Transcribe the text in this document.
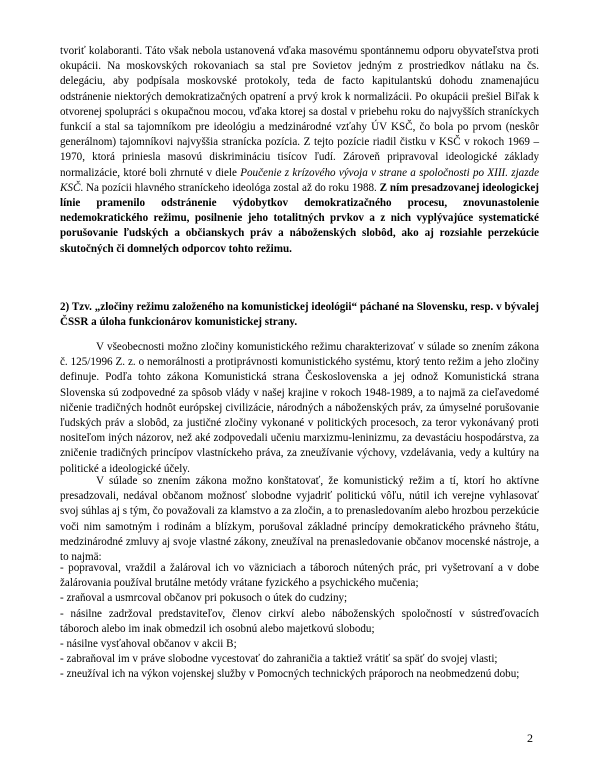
tvoriť kolaboranti. Táto však nebola ustanovená vďaka masovému spontánnemu odporu obyvateľstva proti okupácii. Na moskovských rokovaniach sa stal pre Sovietov jedným z prostriedkov nátlaku na čs. delegáciu, aby podpísala moskovské protokoly, teda de facto kapitulantskú dohodu znamenajúcu odstránenie niektorých demokratizačných opatrení a prvý krok k normalizácii. Po okupácii prešiel Biľak k otvorenej spolupráci s okupačnou mocou, vďaka ktorej sa dostal v priebehu roku do najvyšších straníckych funkcií a stal sa tajomníkom pre ideológiu a medzinárodné vzťahy ÚV KSČ, čo bola po prvom (neskôr generálnom) tajomníkovi najvyššia stranícka pozícia. Z tejto pozície riadil čistku v KSČ v rokoch 1969 – 1970, ktorá priniesla masovú diskrimináciu tisícov ľudí. Zároveň pripravoval ideologické základy normalizácie, ktoré boli zhrnuté v diele Poučenie z krízového vývoja v strane a spoločnosti po XIII. zjazde KSČ. Na pozícii hlavného straníckeho ideológa zostal až do roku 1988. Z ním presadzovanej ideologickej línie pramenilo odstránenie výdobytkov demokratizačného procesu, znovunastolenie nedemokratického režimu, posilnenie jeho totalitných prvkov a z nich vyplývajúce systematické porušovanie ľudských a občianskych práv a náboženských slobôd, ako aj rozsiahle perzekúcie skutočných či domnelých odporcov tohto režimu.

2) Tzv. „zločiny režimu založeného na komunistickej ideológii“ páchané na Slovensku, resp. v bývalej ČSSR a úloha funkcionárov komunistickej strany.

V všeobecnosti možno zločiny komunistického režimu charakterizovať v súlade so znením zákona č. 125/1996 Z. z. o nemorálnosti a protiprávnosti komunistického systému, ktorý tento režim a jeho zločiny definuje. Podľa tohto zákona Komunistická strana Československa a jej odnož Komunistická strana Slovenska sú zodpovedné za spôsob vlády v našej krajine v rokoch 1948-1989, a to najmä za cieľavedomé ničenie tradičných hodnôt európskej civilizácie, národných a náboženských práv, za úmyselné porušovanie ľudských práv a slobôd, za justičné zločiny vykonané v politických procesoch, za teror vykonávaný proti nositeľom iných názorov, než aké zodpovedali učeniu marxizmu-leninizmu, za devastáciu hospodárstva, za zničenie tradičných princípov vlastníckeho práva, za zneužívanie výchovy, vzdelávania, vedy a kultúry na politické a ideologické účely.

V súlade so znením zákona možno konštatovať, že komunistický režim a tí, ktorí ho aktívne presadzovali, nedával občanom možnosť slobodne vyjadriť politickú vôľu, nútil ich verejne vyhlasovať svoj súhlas aj s tým, čo považovali za klamstvo a za zločin, a to prenasledovaním alebo hrozbou perzekúcie voči nim samotným i rodinám a blízkym, porušoval základné princípy demokratického právneho štátu, medzinárodné zmluvy aj svoje vlastné zákony, zneužíval na prenasledovanie občanov mocenské nástroje, a to najmä:

- popravoval, vraždil a žalároval ich vo väzniciach a táboroch nútených prác, pri vyšetrovaní a v dobe žalárovania používal brutálne metódy vrátane fyzického a psychického mučenia;

- zraňoval a usmrcoval občanov pri pokusoch o útek do cudziny;

- násilne zadržoval predstaviteľov, členov cirkví alebo náboženských spoločností v sústreďovacích táboroch alebo im inak obmedzil ich osobnú alebo majetkovú slobodu;

- násilne vysťahoval občanov v akcii B;

- zabraňoval im v práve slobodne vycestovať do zahraničia a taktiež vrátiť sa späť do svojej vlasti;

- zneužíval ich na výkon vojenskej služby v Pomocných technických práporoch na neobmedzenú dobu;

2
